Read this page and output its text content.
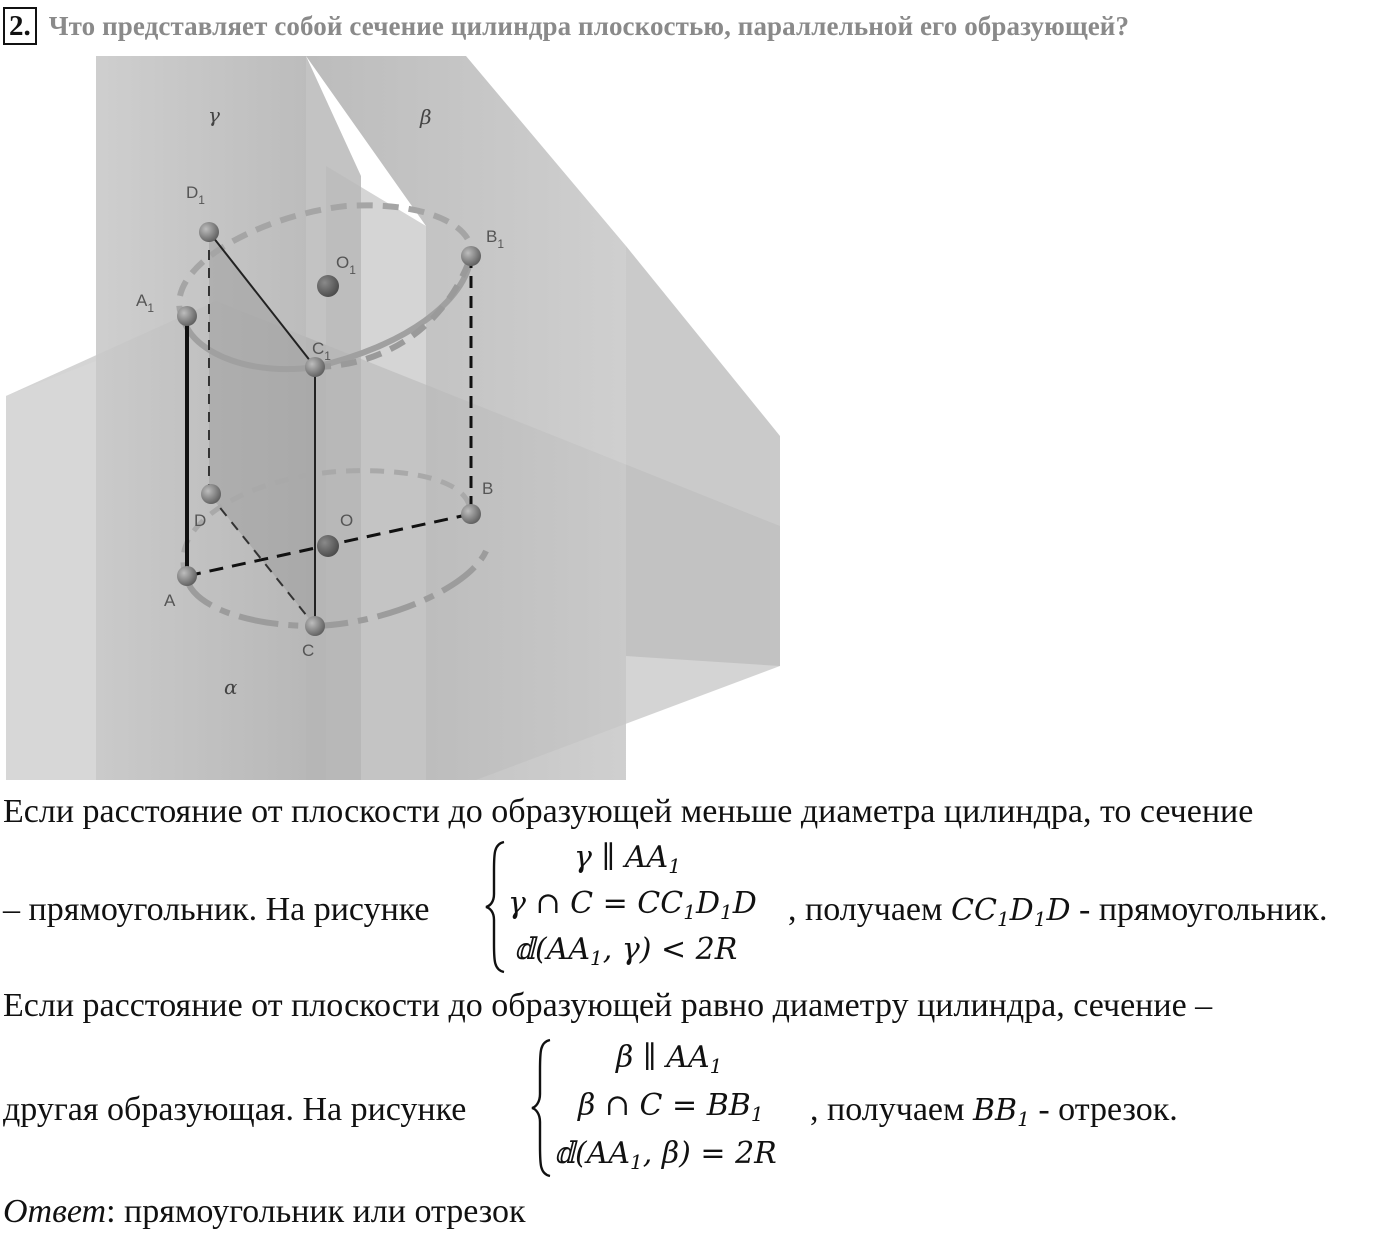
2. Что представляет собой сечение цилиндра плоскостью, параллельной его образующей?
γ	β
α
$D_1$
$B_1$
$O_1$
$A_1$
$C_1$
D
B
O
A
C
Если расстояние от плоскости до образующей меньше диаметра цилиндра, то сечение
– прямоугольник. На рисунке
γ ∥ $AA_1$
γ ∩ $C = CC_1D_1D$
$𝕕(AA_1$, γ) < 2R
, получаем $CC_1D_1D$ - прямоугольник.
Если расстояние от плоскости до образующей равно диаметру цилиндра, сечение –
другая образующая. На рисунке
β ∥ $AA_1$
β ∩ $C = BB_1$
$𝕕(AA_1$, β) = 2R
, получаем $BB_1$ - отрезок.
Ответ: прямоугольник или отрезок
